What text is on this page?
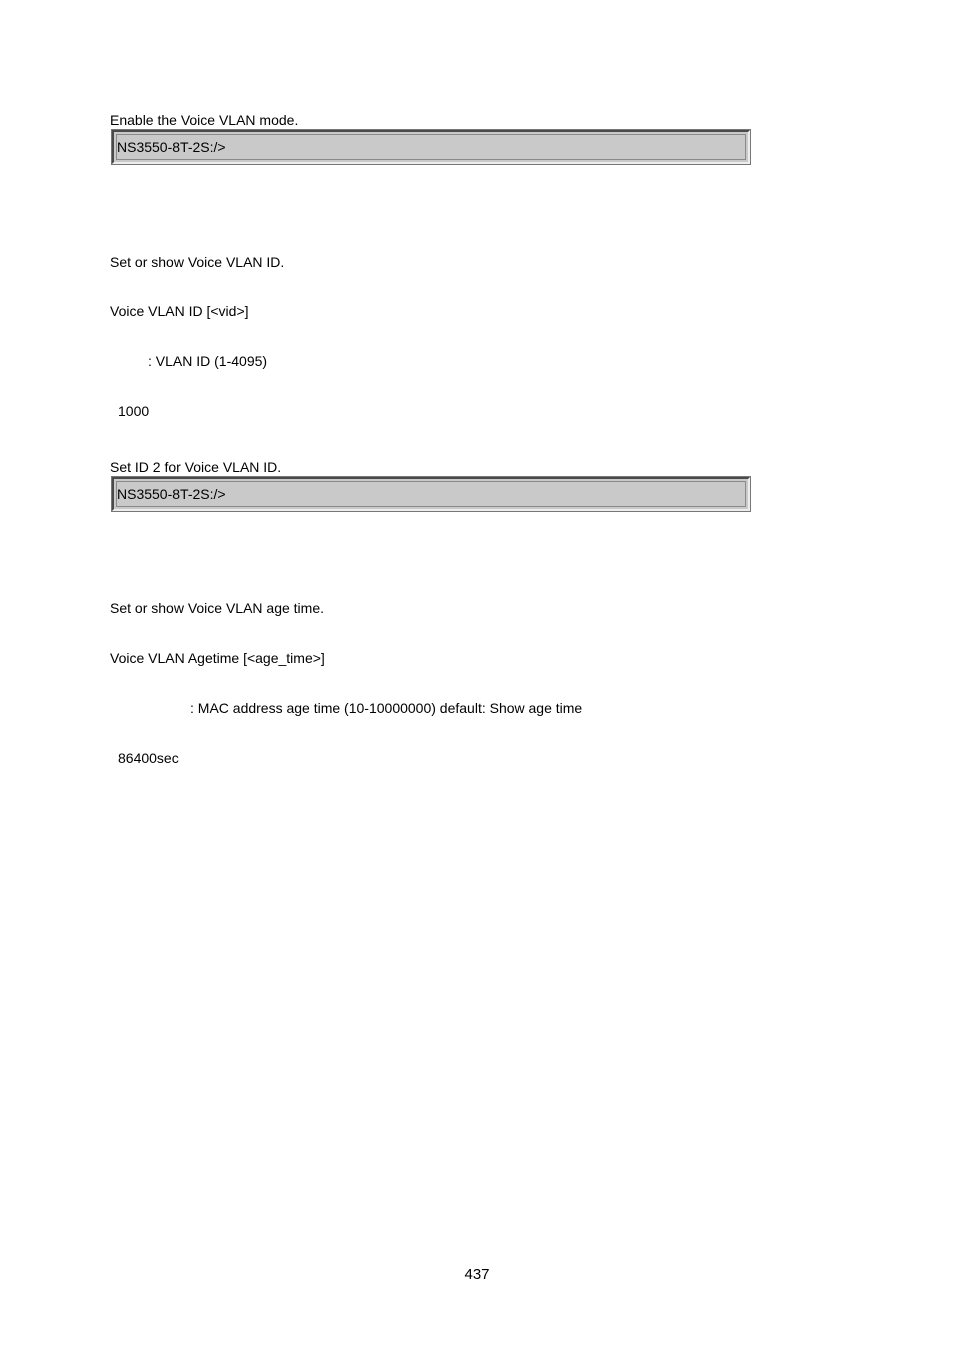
Enable the Voice VLAN mode.
NS3550-8T-2S:/>
Set or show Voice VLAN ID.
Voice VLAN ID [<vid>]
: VLAN ID (1-4095)
1000
Set ID 2 for Voice VLAN ID.
NS3550-8T-2S:/>
Set or show Voice VLAN age time.
Voice VLAN Agetime [<age_time>]
: MAC address age time (10-10000000) default: Show age time
86400sec
437
